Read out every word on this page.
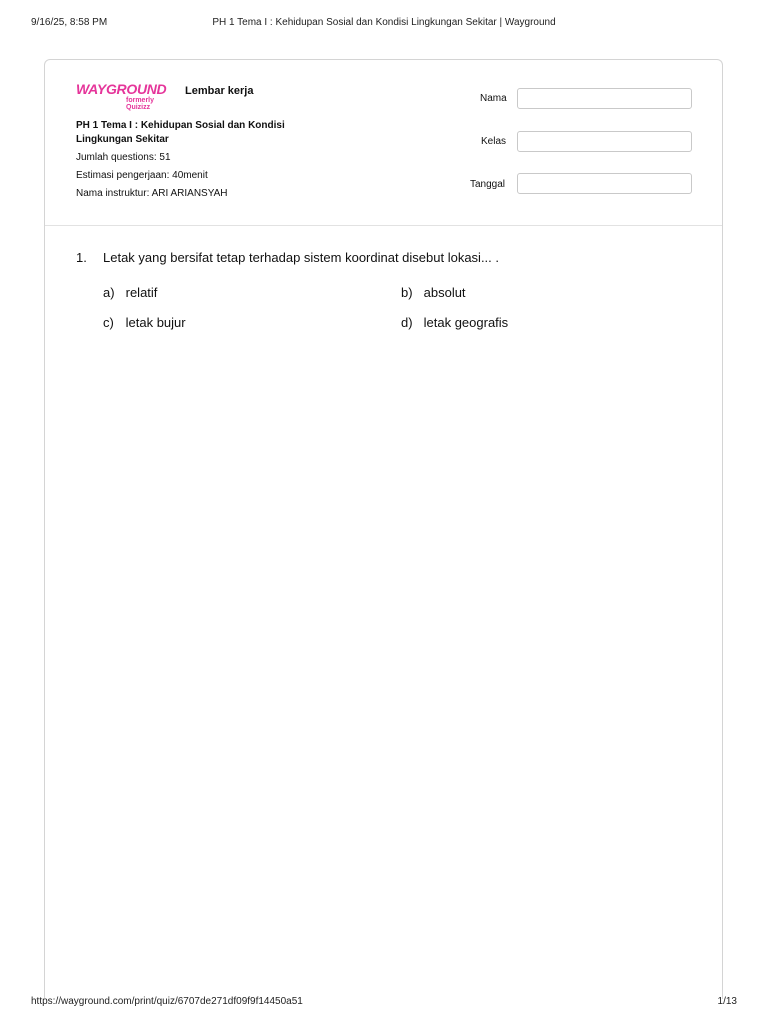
9/16/25, 8:58 PM	PH 1 Tema I : Kehidupan Sosial dan Kondisi Lingkungan Sekitar | Wayground
WAYGROUND
formerly Quizizz
Lembar kerja
PH 1 Tema I : Kehidupan Sosial dan Kondisi Lingkungan Sekitar
Jumlah questions: 51
Estimasi pengerjaan: 40menit
Nama instruktur: ARI ARIANSYAH
Nama
Kelas
Tanggal
1. Letak yang bersifat tetap terhadap sistem koordinat disebut lokasi... .
a) relatif	b) absolut
c) letak bujur	d) letak geografis
https://wayground.com/print/quiz/6707de271df09f9f14450a51	1/13
